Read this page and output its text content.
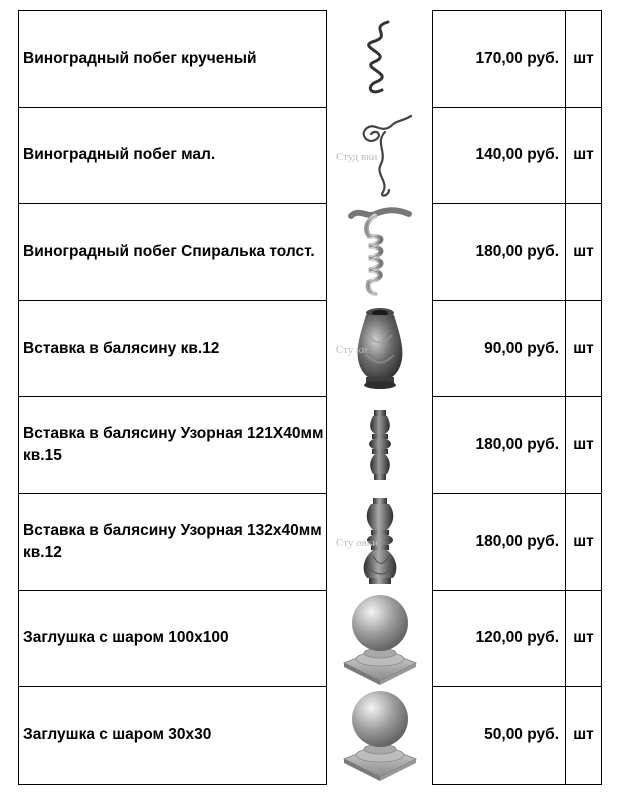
Виноградный побег крученый
Виноградный побег мал.
Виноградный побег Спиралька толст.
Вставка в балясину кв.12
Вставка в балясину Узорная 121Х40мм кв.15
Вставка в балясину Узорная 132х40мм кв.12
Заглушка с шаром 100х100
Заглушка с шаром 30х30
Студ вки
Сту ки
Сту овки
170,00 руб. шт
140,00 руб. шт
180,00 руб. шт
90,00 руб. шт
180,00 руб. шт
180,00 руб. шт
120,00 руб. шт
50,00 руб. шт
